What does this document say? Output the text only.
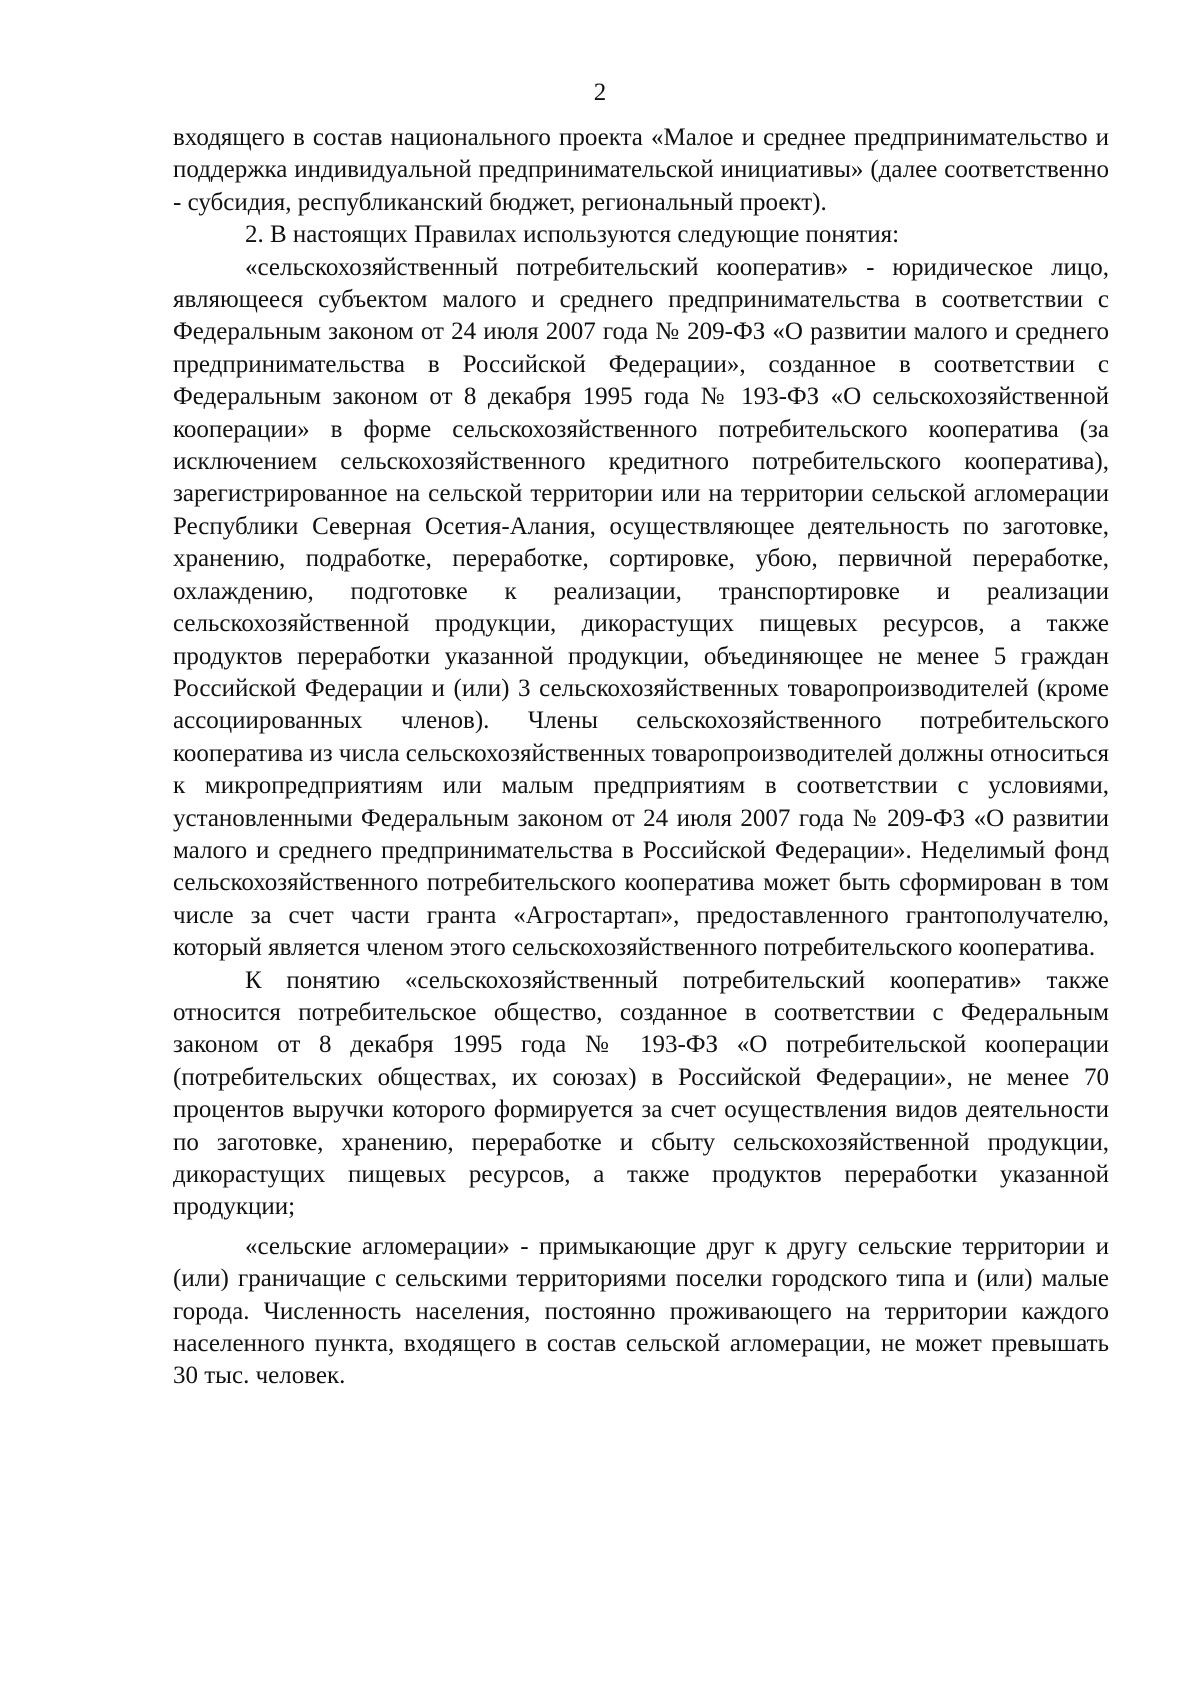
2

входящего в состав национального проекта «Малое и среднее предпринимательство и поддержка индивидуальной предпринимательской инициативы» (далее соответственно - субсидия, республиканский бюджет, региональный проект).

2. В настоящих Правилах используются следующие понятия:

«сельскохозяйственный потребительский кооператив» - юридическое лицо, являющееся субъектом малого и среднего предпринимательства в соответствии с Федеральным законом от 24 июля 2007 года № 209-ФЗ «О развитии малого и среднего предпринимательства в Российской Федерации», созданное в соответствии с Федеральным законом от 8 декабря 1995 года № 193-ФЗ «О сельскохозяйственной кооперации» в форме сельскохозяйственного потребительского кооператива (за исключением сельскохозяйственного кредитного потребительского кооператива), зарегистрированное на сельской территории или на территории сельской агломерации Республики Северная Осетия-Алания, осуществляющее деятельность по заготовке, хранению, подработке, переработке, сортировке, убою, первичной переработке, охлаждению, подготовке к реализации, транспортировке и реализации сельскохозяйственной продукции, дикорастущих пищевых ресурсов, а также продуктов переработки указанной продукции, объединяющее не менее 5 граждан Российской Федерации и (или) 3 сельскохозяйственных товаропроизводителей (кроме ассоциированных членов). Члены сельскохозяйственного потребительского кооператива из числа сельскохозяйственных товаропроизводителей должны относиться к микропредприятиям или малым предприятиям в соответствии с условиями, установленными Федеральным законом от 24 июля 2007 года № 209-ФЗ «О развитии малого и среднего предпринимательства в Российской Федерации». Неделимый фонд сельскохозяйственного потребительского кооператива может быть сформирован в том числе за счет части гранта «Агростартап», предоставленного грантополучателю, который является членом этого сельскохозяйственного потребительского кооператива.

К понятию «сельскохозяйственный потребительский кооператив» также относится потребительское общество, созданное в соответствии с Федеральным законом от 8 декабря 1995 года № 193-ФЗ «О потребительской кооперации (потребительских обществах, их союзах) в Российской Федерации», не менее 70 процентов выручки которого формируется за счет осуществления видов деятельности по заготовке, хранению, переработке и сбыту сельскохозяйственной продукции, дикорастущих пищевых ресурсов, а также продуктов переработки указанной продукции;

«сельские агломерации» - примыкающие друг к другу сельские территории и (или) граничащие с сельскими территориями поселки городского типа и (или) малые города. Численность населения, постоянно проживающего на территории каждого населенного пункта, входящего в состав сельской агломерации, не может превышать 30 тыс. человек.
